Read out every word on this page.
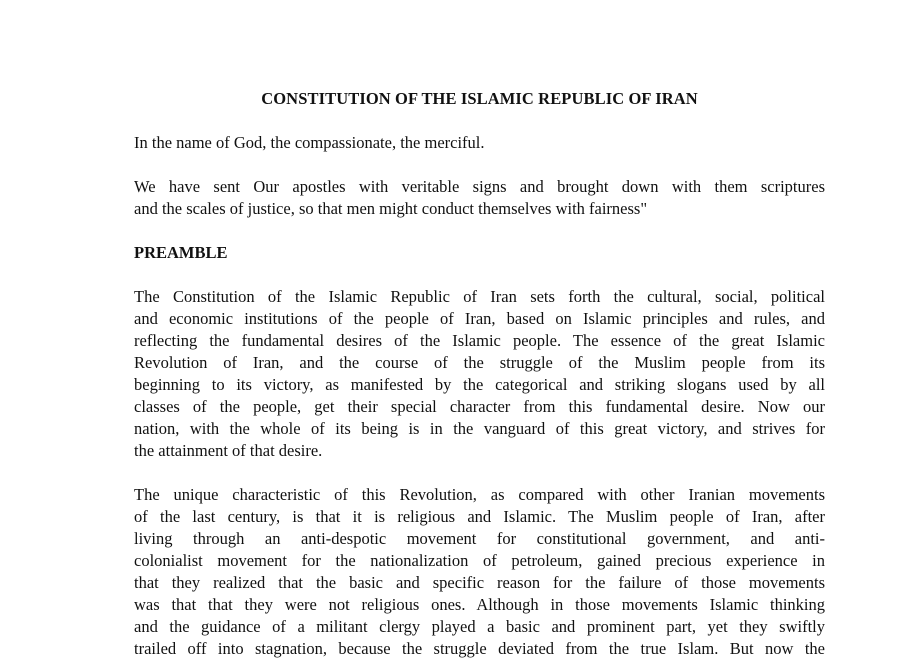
CONSTITUTION OF THE ISLAMIC REPUBLIC OF IRAN

In the name of God, the compassionate, the merciful.

We have sent Our apostles with veritable signs and brought down with them scriptures
and the scales of justice, so that men might conduct themselves with fairness"
PREAMBLE
The Constitution of the Islamic Republic of Iran sets forth the cultural, social, political
and economic institutions of the people of Iran, based on Islamic principles and rules, and
reflecting the fundamental desires of the Islamic people. The essence of the great Islamic
Revolution of Iran, and the course of the struggle of the Muslim people from its
beginning to its victory, as manifested by the categorical and striking slogans used by all
classes of the people, get their special character from this fundamental desire. Now our
nation, with the whole of its being is in the vanguard of this great victory, and strives for
the attainment of that desire.
The unique characteristic of this Revolution, as compared with other Iranian movements
of the last century, is that it is religious and Islamic. The Muslim people of Iran, after
living through an anti-despotic movement for constitutional government, and anti-
colonialist movement for the nationalization of petroleum, gained precious experience in
that they realized that the basic and specific reason for the failure of those movements
was that that they were not religious ones. Although in those movements Islamic thinking
and the guidance of a militant clergy played a basic and prominent part, yet they swiftly
trailed off into stagnation, because the struggle deviated from the true Islam. But now the
